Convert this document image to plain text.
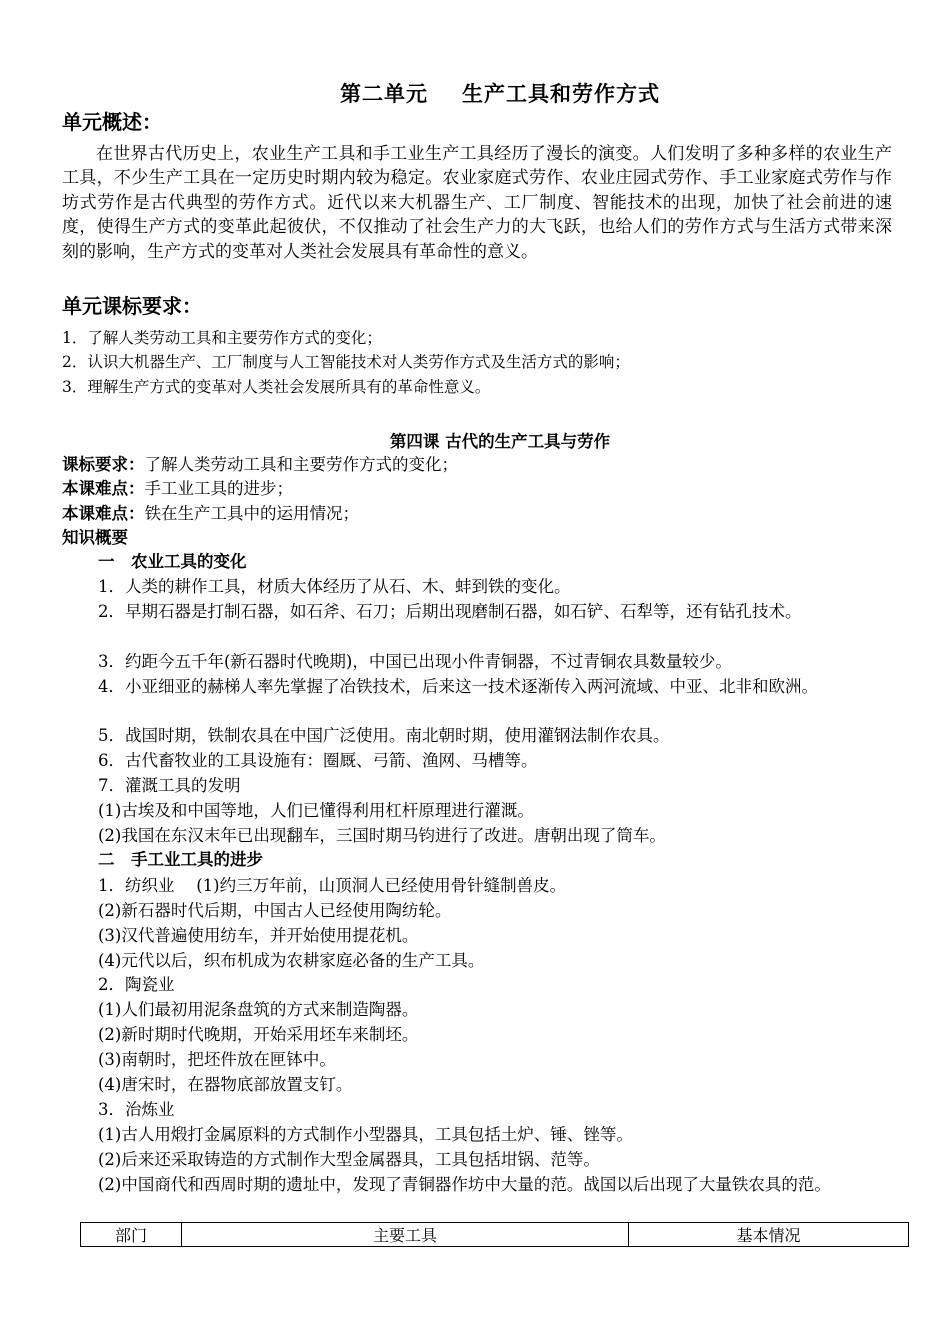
第二单元 生产工具和劳作方式
单元概述：
在世界古代历史上，农业生产工具和手工业生产工具经历了漫长的演变。人们发明了多种多样的农业生产工具，不少生产工具在一定历史时期内较为稳定。农业家庭式劳作、农业庄园式劳作、手工业家庭式劳作与作坊式劳作是古代典型的劳作方式。近代以来大机器生产、工厂制度、智能技术的出现，加快了社会前进的速度，使得生产方式的变革此起彼伏，不仅推动了社会生产力的大飞跃，也给人们的劳作方式与生活方式带来深刻的影响，生产方式的变革对人类社会发展具有革命性的意义。
单元课标要求：
1．了解人类劳动工具和主要劳作方式的变化；
2．认识大机器生产、工厂制度与人工智能技术对人类劳作方式及生活方式的影响；
3．理解生产方式的变革对人类社会发展所具有的革命性意义。
第四课 古代的生产工具与劳作
课标要求：了解人类劳动工具和主要劳作方式的变化；
本课难点：手工业工具的进步；
本课难点：铁在生产工具中的运用情况；
知识概要
一　农业工具的变化
1．人类的耕作工具，材质大体经历了从石、木、蚌到铁的变化。
2．早期石器是打制石器，如石斧、石刀；后期出现磨制石器，如石铲、石犁等，还有钻孔技术。
3．约距今五千年(新石器时代晚期)，中国已出现小件青铜器，不过青铜农具数量较少。
4．小亚细亚的赫梯人率先掌握了冶铁技术，后来这一技术逐渐传入两河流域、中亚、北非和欧洲。
5．战国时期，铁制农具在中国广泛使用。南北朝时期，使用灌钢法制作农具。
6．古代畜牧业的工具设施有：圈厩、弓箭、渔网、马槽等。
7．灌溉工具的发明
(1)古埃及和中国等地，人们已懂得利用杠杆原理进行灌溉。
(2)我国在东汉末年已出现翻车，三国时期马钧进行了改进。唐朝出现了筒车。
二　手工业工具的进步
1．纺织业　 (1)约三万年前，山顶洞人已经使用骨针缝制兽皮。
(2)新石器时代后期，中国古人已经使用陶纺轮。
(3)汉代普遍使用纺车，并开始使用提花机。
(4)元代以后，织布机成为农耕家庭必备的生产工具。
2．陶瓷业
(1)人们最初用泥条盘筑的方式来制造陶器。
(2)新时期时代晚期，开始采用坯车来制坯。
(3)南朝时，把坯件放在匣钵中。
(4)唐宋时，在器物底部放置支钉。
3．治炼业
(1)古人用煅打金属原料的方式制作小型器具，工具包括土炉、锤、锉等。
(2)后来还采取铸造的方式制作大型金属器具，工具包括坩锅、范等。
(2)中国商代和西周时期的遗址中，发现了青铜器作坊中大量的范。战国以后出现了大量铁农具的范。
部门	主要工具	基本情况
